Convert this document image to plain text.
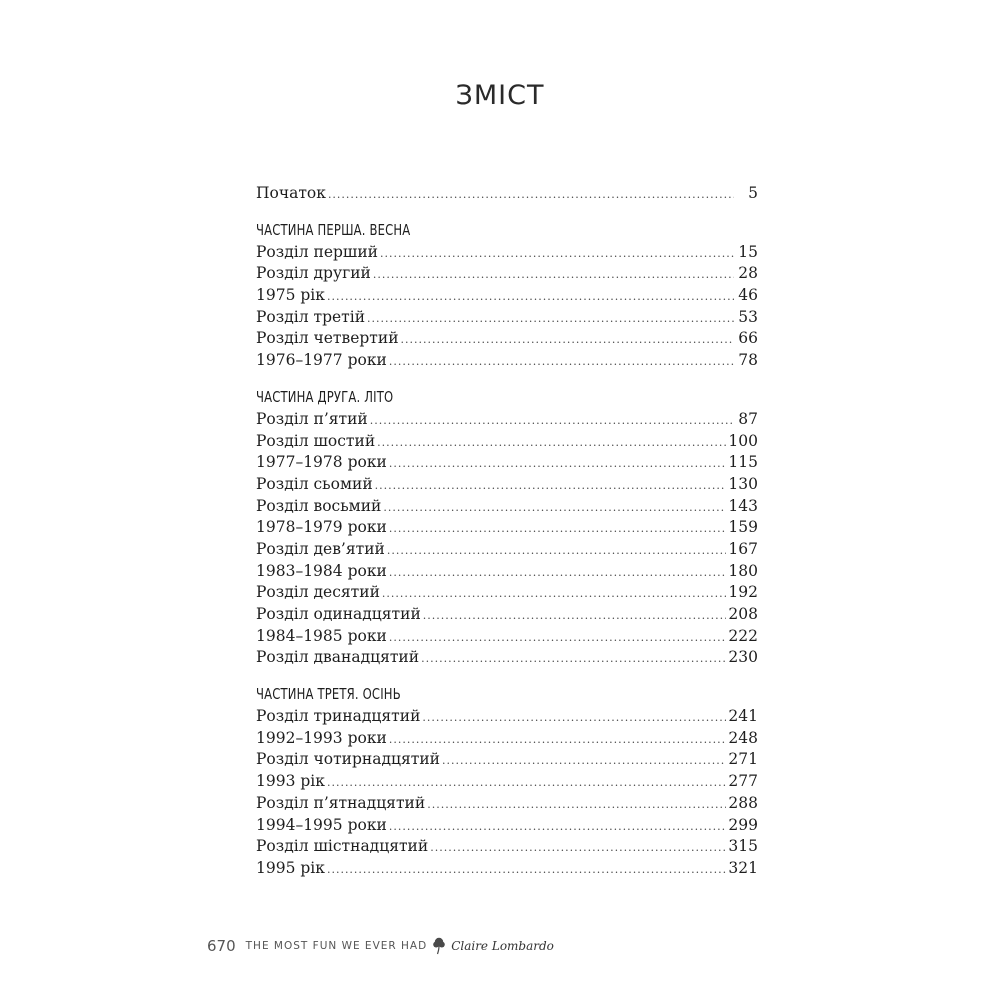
ЗМІСТ
Початок .....	5
ЧАСТИНА ПЕРША. ВЕСНА
Розділ перший .....	15
Розділ другий .....	28
1975 рік .....	46
Розділ третій .....	53
Розділ четвертий .....	66
1976–1977 роки .....	78
ЧАСТИНА ДРУГА. ЛІТО
Розділ п’ятий .....	87
Розділ шостий .....	100
1977–1978 роки .....	115
Розділ сьомий .....	130
Розділ восьмий .....	143
1978–1979 роки .....	159
Розділ дев’ятий .....	167
1983–1984 роки .....	180
Розділ десятий .....	192
Розділ одинадцятий .....	208
1984–1985 роки .....	222
Розділ дванадцятий .....	230
ЧАСТИНА ТРЕТЯ. ОСІНЬ
Розділ тринадцятий .....	241
1992–1993 роки .....	248
Розділ чотирнадцятий .....	271
1993 рік .....	277
Розділ п’ятнадцятий .....	288
1994–1995 роки .....	299
Розділ шістнадцятий .....	315
1995 рік .....	321
670 THE MOST FUN WE EVER HAD Claire Lombardo
